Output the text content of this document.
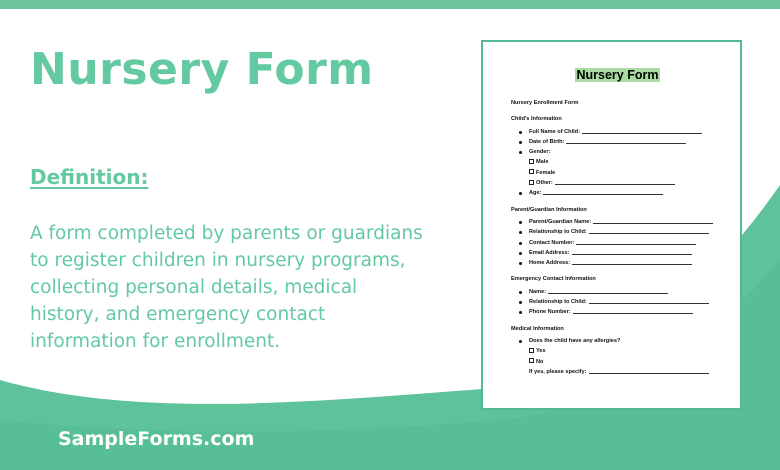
Nursery Form
Definition:
A form completed by parents or guardians to register children in nursery programs, collecting personal details, medical history, and emergency contact information for enrollment.
SampleForms.com
Nursery Form
Nursery Enrollment Form
Child's Information
Full Name of Child:
Date of Birth:
Gender:
Male
Female
Other:
Age:
Parent/Guardian Information
Parent/Guardian Name:
Relationship to Child:
Contact Number:
Email Address:
Home Address:
Emergency Contact Information
Name:
Relationship to Child:
Phone Number:
Medical Information
Does the child have any allergies?
Yes
No
If yes, please specify:
